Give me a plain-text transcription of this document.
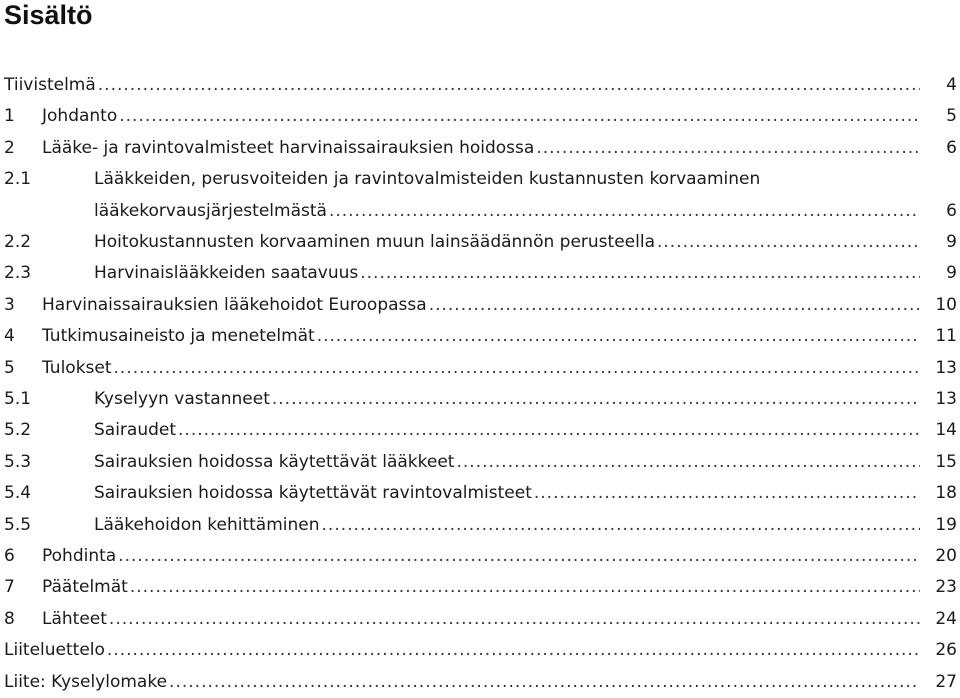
Sisältö
Tiivistelmä .....	4
1 Johdanto .....	5
2 Lääke- ja ravintovalmisteet harvinaissairauksien hoidossa .....	6
2.1	Lääkkeiden, perusvoiteiden ja ravintovalmisteiden kustannusten korvaaminen
lääkekorvausjärjestelmästä .....	6
2.2	Hoitokustannusten korvaaminen muun lainsäädännön perusteella .....	9
2.3	Harvinaislääkkeiden saatavuus .....	9
3 Harvinaissairauksien lääkehoidot Euroopassa .....	10
4 Tutkimusaineisto ja menetelmät .....	11
5 Tulokset .....	13
5.1	Kyselyyn vastanneet .....	13
5.2	Sairaudet .....	14
5.3	Sairauksien hoidossa käytettävät lääkkeet .....	15
5.4	Sairauksien hoidossa käytettävät ravintovalmisteet .....	18
5.5	Lääkehoidon kehittäminen .....	19
6 Pohdinta .....	20
7 Päätelmät .....	23
8 Lähteet .....	24
Liiteluettelo .....	26
Liite: Kyselylomake .....	27
